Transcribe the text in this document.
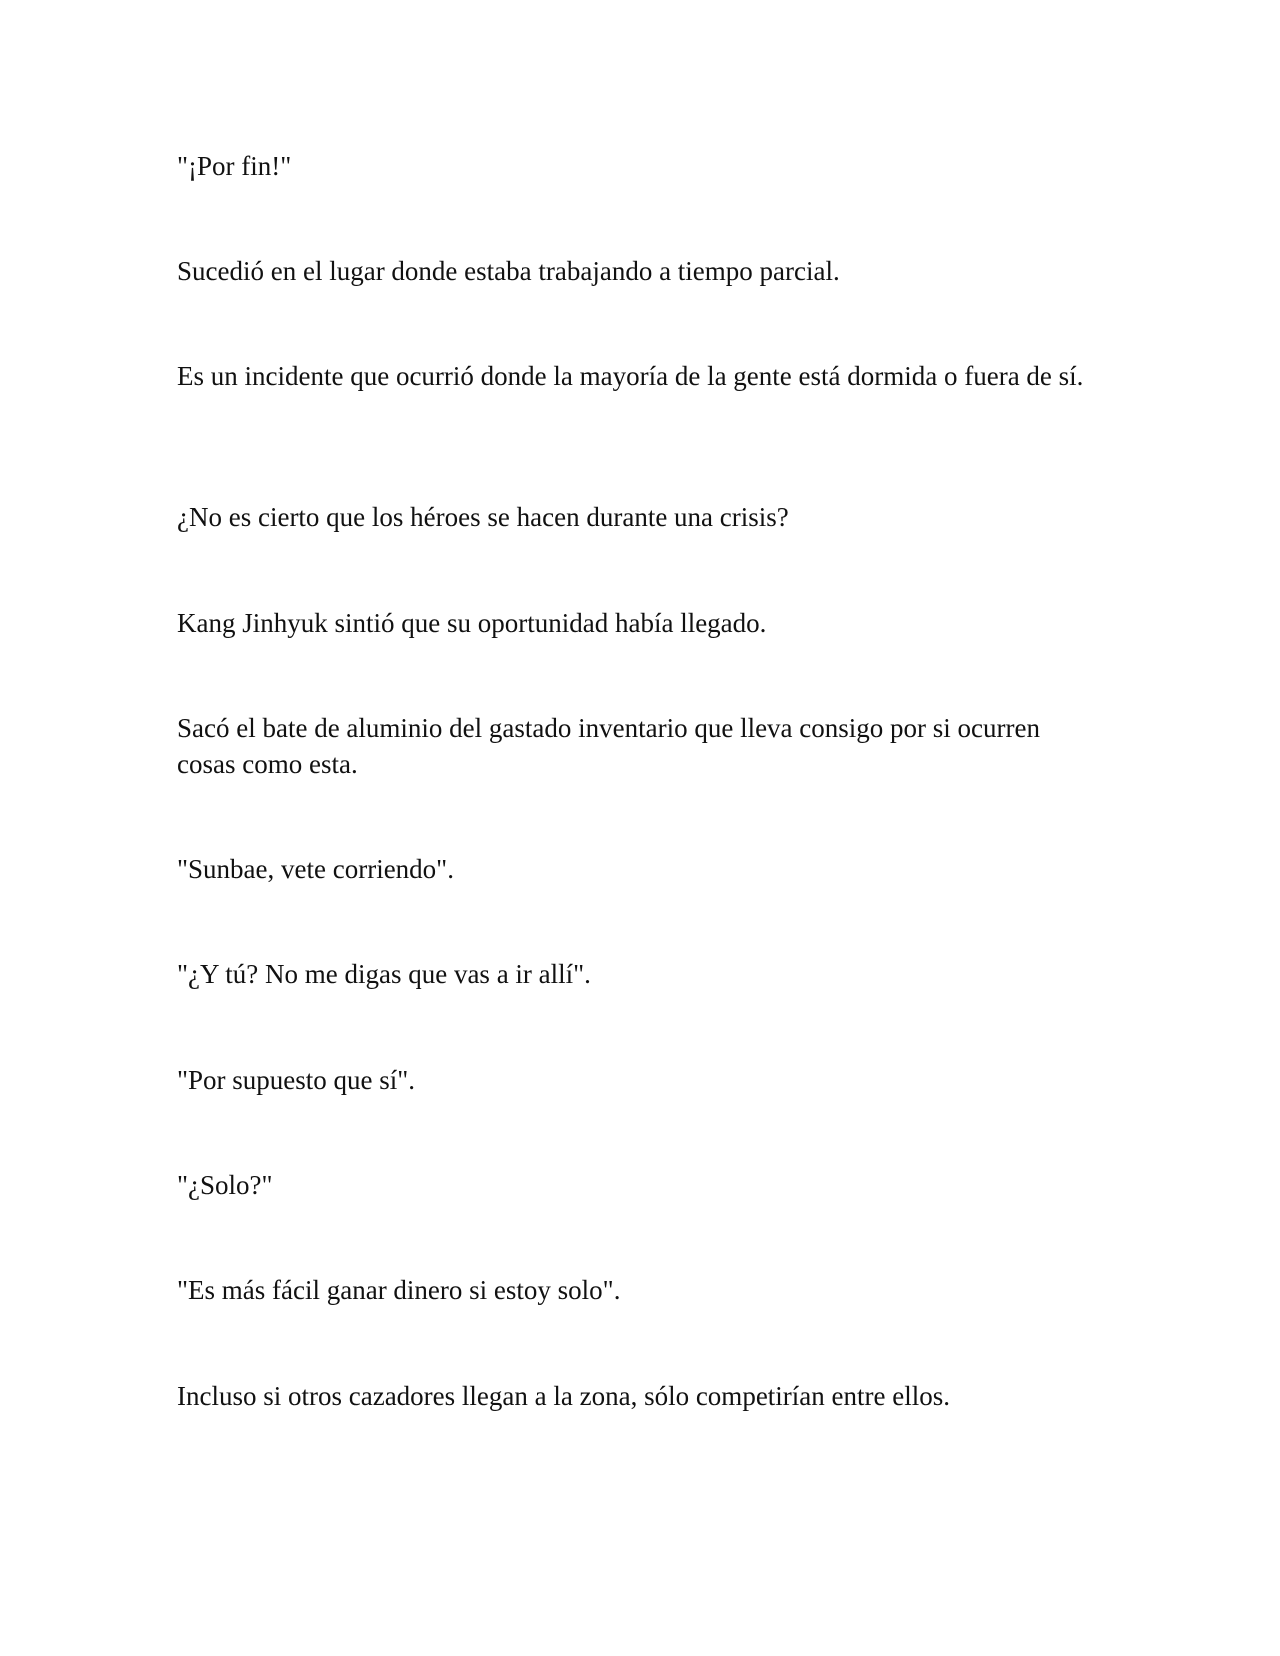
"¡Por fin!"

Sucedió en el lugar donde estaba trabajando a tiempo parcial.

Es un incidente que ocurrió donde la mayoría de la gente está dormida o fuera de sí.

¿No es cierto que los héroes se hacen durante una crisis?

Kang Jinhyuk sintió que su oportunidad había llegado.

Sacó el bate de aluminio del gastado inventario que lleva consigo por si ocurren cosas como esta.

"Sunbae, vete corriendo".

"¿Y tú? No me digas que vas a ir allí".

"Por supuesto que sí".

"¿Solo?"

"Es más fácil ganar dinero si estoy solo".

Incluso si otros cazadores llegan a la zona, sólo competirían entre ellos.
